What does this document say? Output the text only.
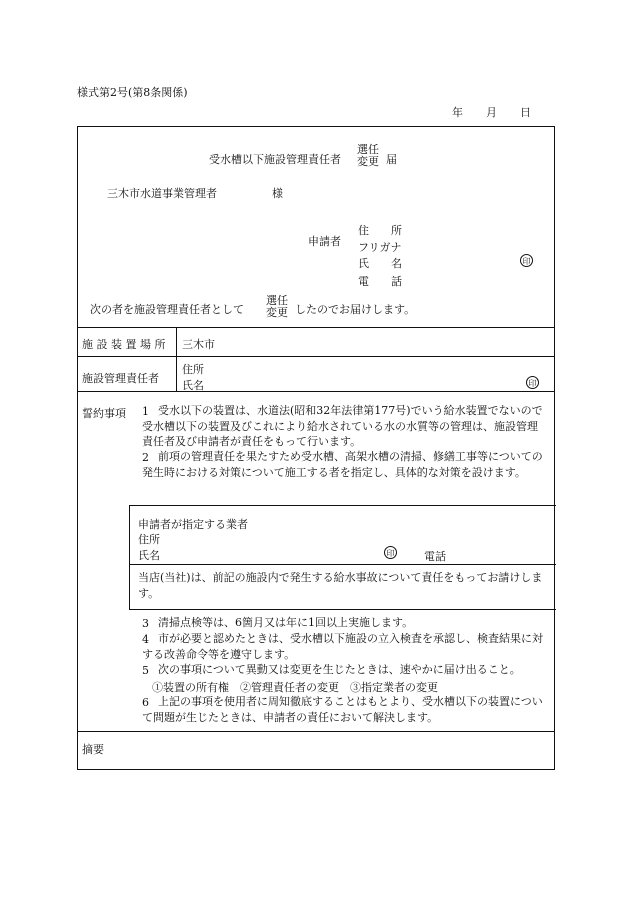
様式第2号(第8条関係)
年 月 日
受水槽以下施設管理責任者
選任
変更 届
三木市水道事業管理者	様
申請者
住　　所
フリガナ
氏　　名
電　　話
印
次の者を施設管理責任者として
選任
変更 したのでお届けします。
施 設 装 置 場 所 三木市
施設管理責任者
住所
氏名	印
誓約事項 1 受水以下の装置は、水道法(昭和32年法律第177号)でいう給水装置でないので受水槽以下の装置及びこれにより給水されている水の水質等の管理は、施設管理責任者及び申請者が責任をもって行います。
2 前項の管理責任を果たすため受水槽、高架水槽の清掃、修繕工事等についての発生時における対策について施工する者を指定し、具体的な対策を設けます。
申請者が指定する業者
住所
氏名	印	電話
当店(当社)は、前記の施設内で発生する給水事故について責任をもってお請けします。
3 清掃点検等は、6箇月又は年に1回以上実施します。
4 市が必要と認めたときは、受水槽以下施設の立入検査を承認し、検査結果に対する改善命令等を遵守します。
5 次の事項について異動又は変更を生じたときは、速やかに届け出ること。
①装置の所有権　②管理責任者の変更　③指定業者の変更
6 上記の事項を使用者に周知徹底することはもとより、受水槽以下の装置について問題が生じたときは、申請者の責任において解決します。
摘要
